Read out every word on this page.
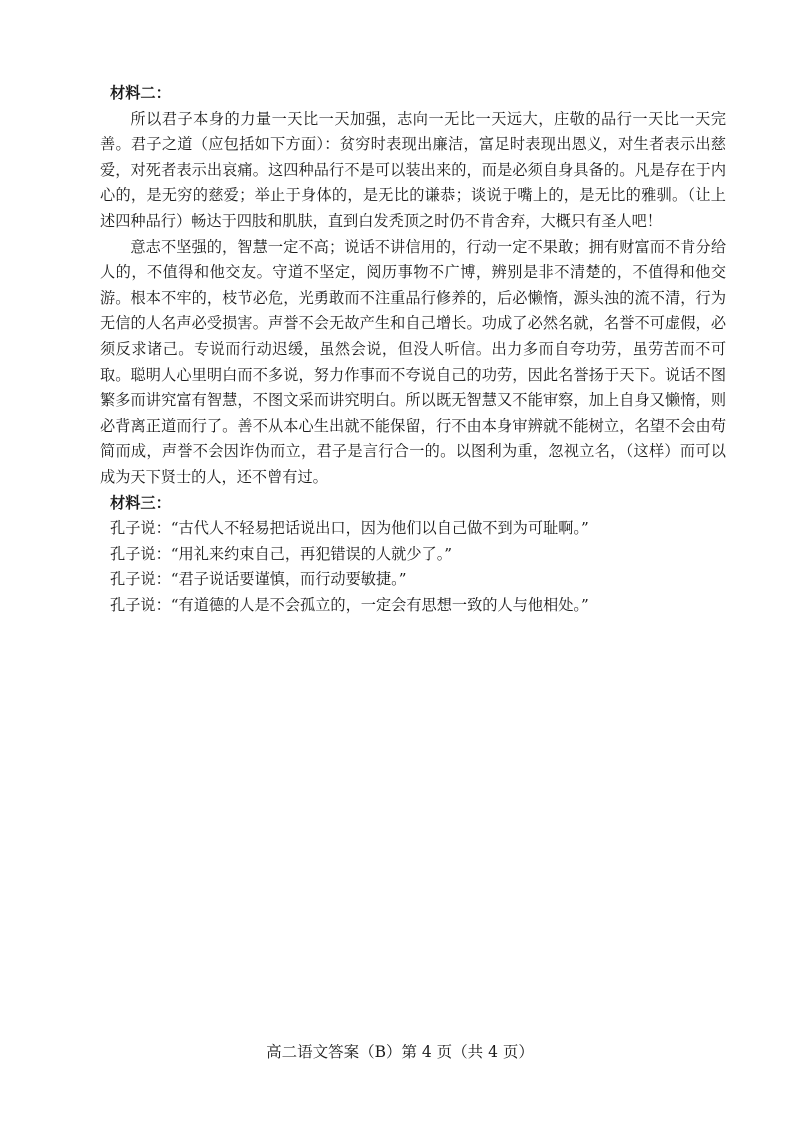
材料二：

所以君子本身的力量一天比一天加强，志向一无比一天远大，庄敬的品行一天比一天完善。君子之道（应包括如下方面）：贫穷时表现出廉洁，富足时表现出恩义，对生者表示出慈爱，对死者表示出哀痛。这四种品行不是可以装出来的，而是必须自身具备的。凡是存在于内心的，是无穷的慈爱；举止于身体的，是无比的谦恭；谈说于嘴上的，是无比的雅驯。（让上述四种品行）畅达于四肢和肌肤，直到白发秃顶之时仍不肯舍弃，大概只有圣人吧！

意志不坚强的，智慧一定不高；说话不讲信用的，行动一定不果敢；拥有财富而不肯分给人的，不值得和他交友。守道不坚定，阅历事物不广博，辨别是非不清楚的，不值得和他交游。根本不牢的，枝节必危，光勇敢而不注重品行修养的，后必懒惰，源头浊的流不清，行为无信的人名声必受损害。声誉不会无故产生和自己增长。功成了必然名就，名誉不可虚假，必须反求诸己。专说而行动迟缓，虽然会说，但没人听信。出力多而自夸功劳，虽劳苦而不可取。聪明人心里明白而不多说，努力作事而不夸说自己的功劳，因此名誉扬于天下。说话不图繁多而讲究富有智慧，不图文采而讲究明白。所以既无智慧又不能审察，加上自身又懒惰，则必背离正道而行了。善不从本心生出就不能保留，行不由本身审辨就不能树立，名望不会由苟简而成，声誉不会因诈伪而立，君子是言行合一的。以图利为重，忽视立名，（这样）而可以成为天下贤士的人，还不曾有过。

材料三：

孔子说：“古代人不轻易把话说出口，因为他们以自己做不到为可耻啊。”

孔子说：“用礼来约束自己，再犯错误的人就少了。”

孔子说：“君子说话要谨慎，而行动要敏捷。”

孔子说：“有道德的人是不会孤立的，一定会有思想一致的人与他相处。”

高二语文答案（B）第 4 页（共 4 页）
